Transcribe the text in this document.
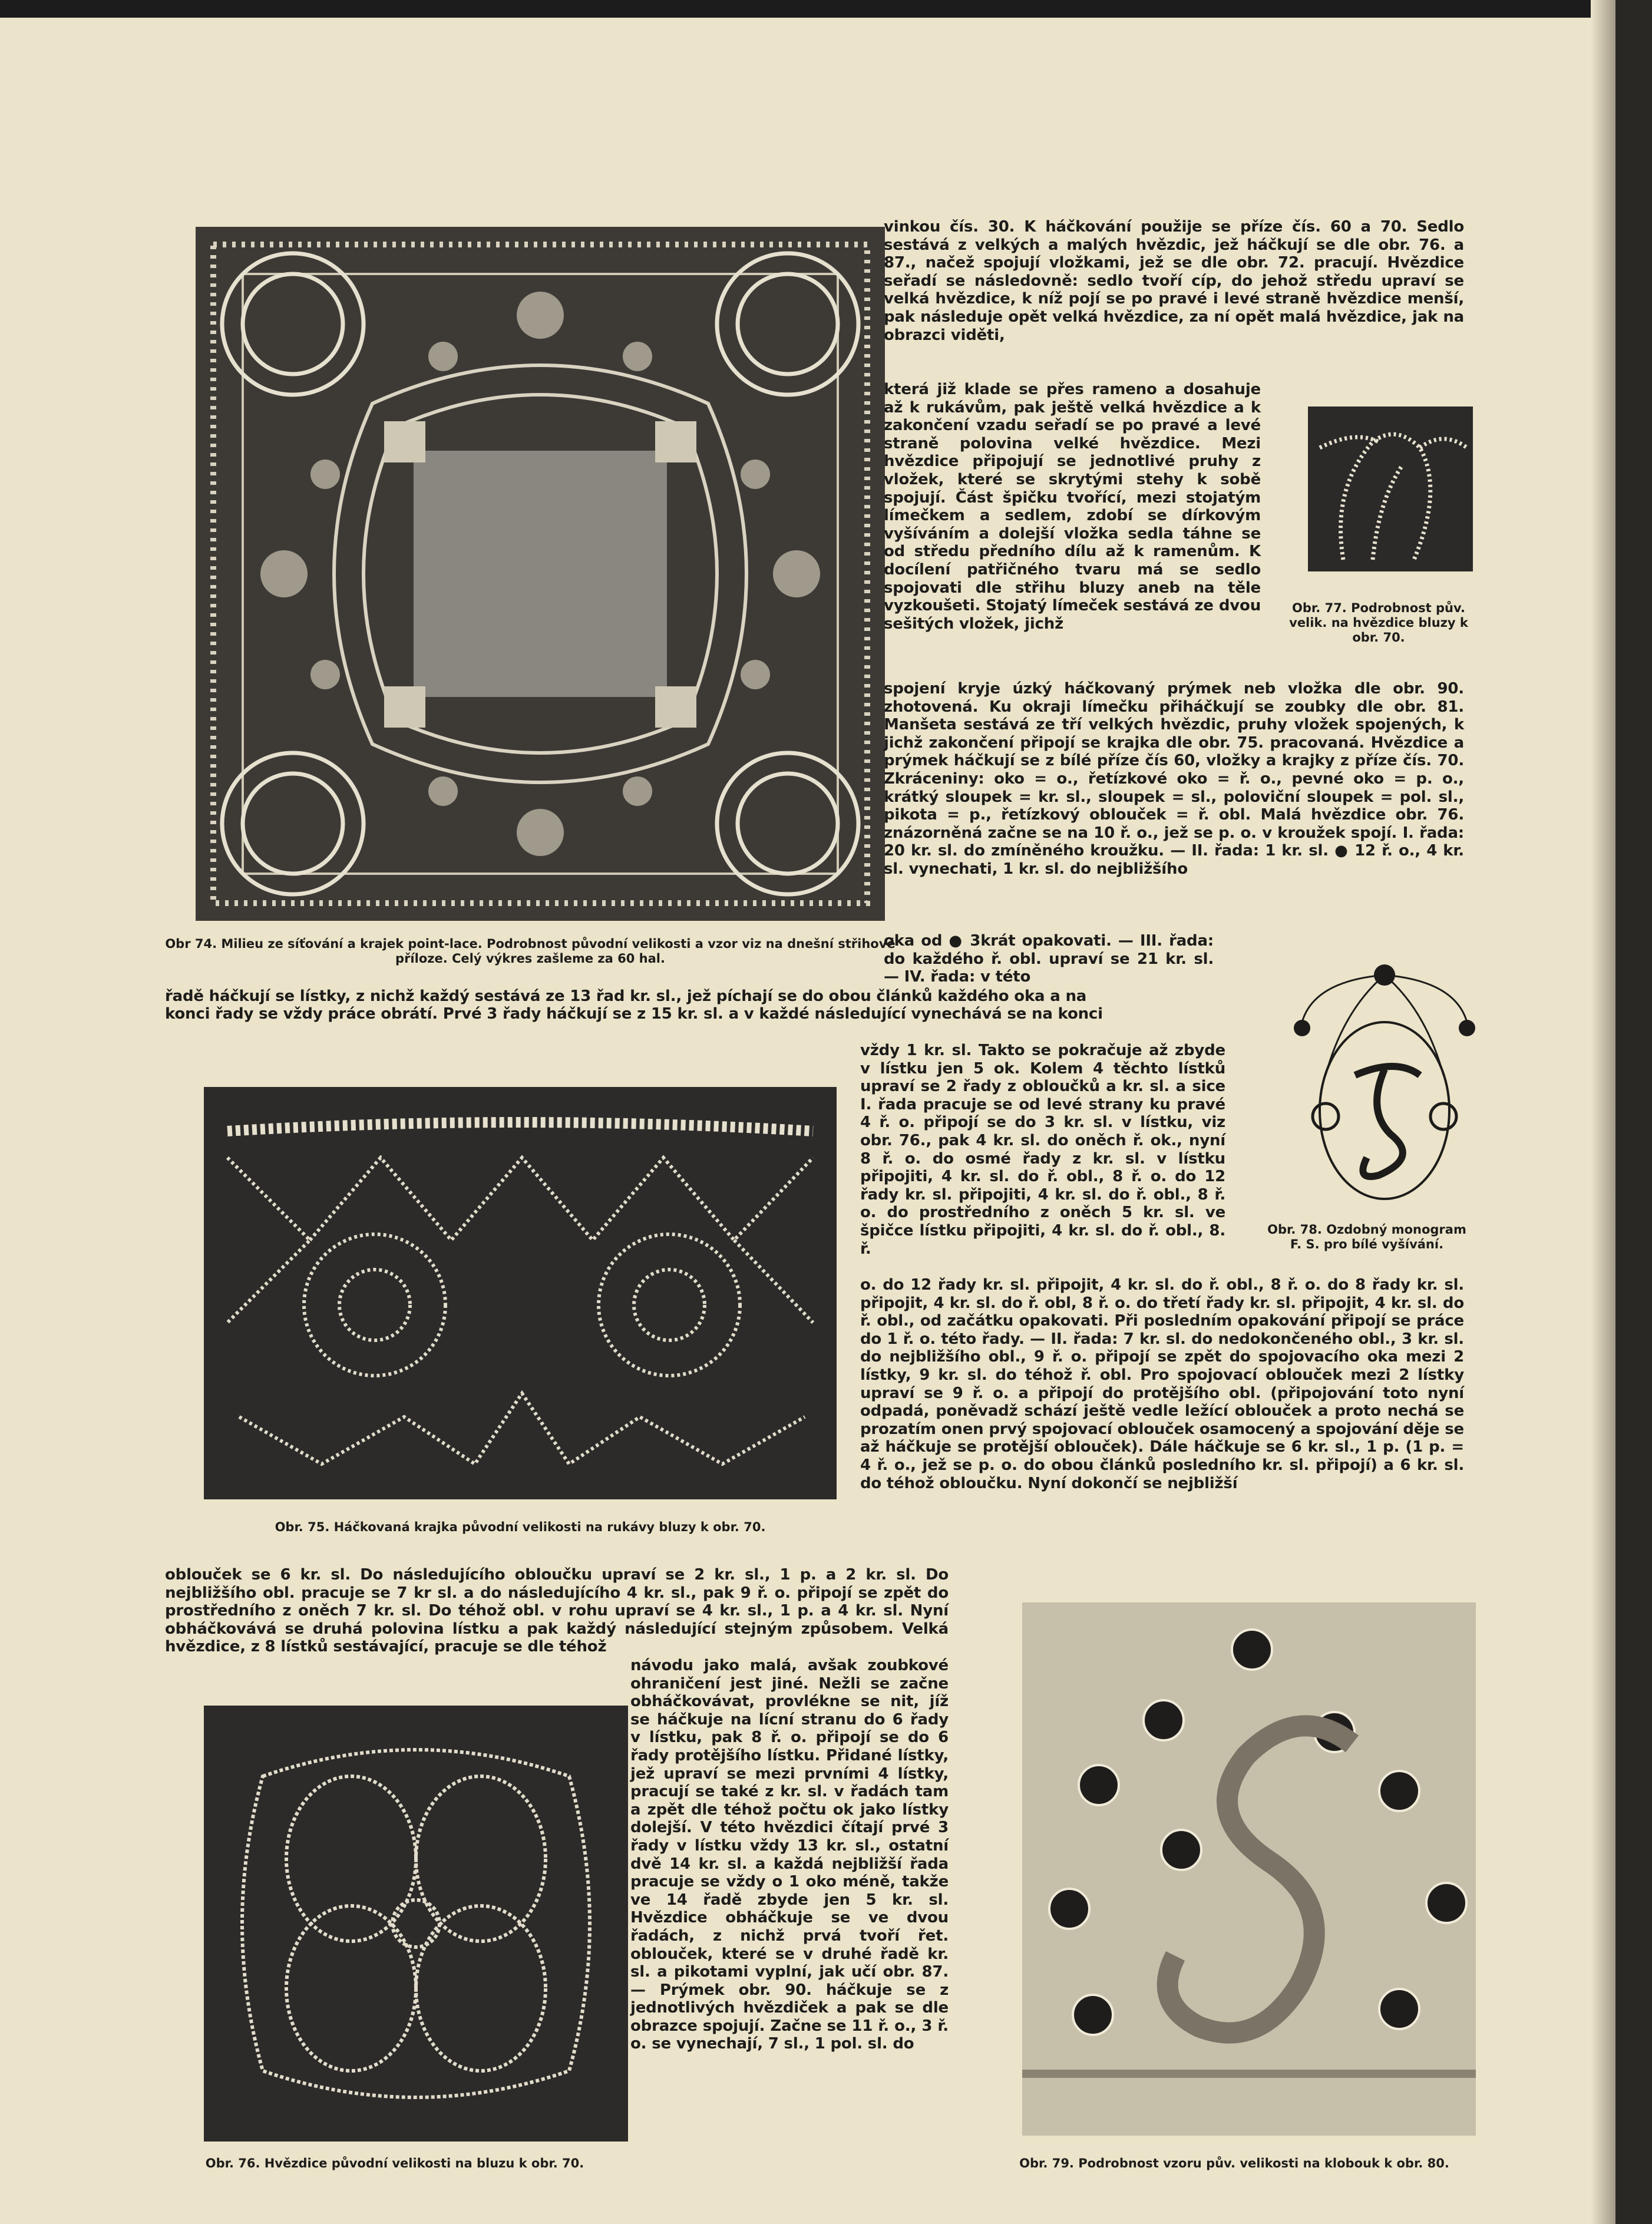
Obr 74. Milieu ze síťování a krajek point-lace. Podrobnost původní velikosti a vzor viz na dnešní střihové příloze. Celý výkres zašleme za 60 hal.
vinkou čís. 30. K háčkování použije se příze čís. 60 a 70. Sedlo sestává z velkých a malých hvězdic, jež háčkují se dle obr. 76. a 87., načež spojují vložkami, jež se dle obr. 72. pracují. Hvězdice seřadí se následovně: sedlo tvoří cíp, do jehož středu upraví se velká hvězdice, k níž pojí se po pravé i levé straně hvězdice menší, pak následuje opět velká hvězdice, za ní opět malá hvězdice, jak na obrazci viděti,
která již klade se přes rameno a dosahuje až k rukávům, pak ještě velká hvězdice a k zakončení vzadu seřadí se po pravé a levé straně polovina velké hvězdice. Mezi hvězdice připojují se jednotlivé pruhy z vložek, které se skrytými stehy k sobě spojují. Část špičku tvořící, mezi stojatým límečkem a sedlem, zdobí se dírkovým vyšíváním a dolejší vložka sedla táhne se od středu předního dílu až k ramenům. K docílení patřičného tvaru má se sedlo spojovati dle střihu bluzy aneb na těle vyzkoušeti. Stojatý límeček sestává ze dvou sešitých vložek, jichž
Obr. 77. Podrobnost pův. velik. na hvězdice bluzy k obr. 70.
spojení kryje úzký háčkovaný prýmek neb vložka dle obr. 90. zhotovená. Ku okraji límečku přiháčkují se zoubky dle obr. 81. Manšeta sestává ze tří velkých hvězdic, pruhy vložek spojených, k jichž zakončení připojí se krajka dle obr. 75. pracovaná. Hvězdice a prýmek háčkují se z bílé příze čís 60, vložky a krajky z příze čís. 70. Zkráceniny: oko = o., řetízkové oko = ř. o., pevné oko = p. o., krátký sloupek = kr. sl., sloupek = sl., poloviční sloupek = pol. sl., pikota = p., řetízkový oblouček = ř. obl. Malá hvězdice obr. 76. znázorněná začne se na 10 ř. o., jež se p. o. v kroužek spojí. I. řada: 20 kr. sl. do zmíněného kroužku. — II. řada: 1 kr. sl. ● 12 ř. o., 4 kr. sl. vynechati, 1 kr. sl. do nejbližšího
oka od ● 3krát opakovati. — III. řada: do každého ř. obl. upraví se 21 kr. sl. — IV. řada: v této
Obr. 78. Ozdobný monogram F. S. pro bílé vyšívání.
řadě háčkují se lístky, z nichž každý sestává ze 13 řad kr. sl., jež píchají se do obou článků každého oka a na
konci řady se vždy práce obrátí. Prvé 3 řady háčkují se z 15 kr. sl. a v každé následující vynechává se na konci
Obr. 75. Háčkovaná krajka původní velikosti na rukávy bluzy k obr. 70.
vždy 1 kr. sl. Takto se pokračuje až zbyde v lístku jen 5 ok. Kolem 4 těchto lístků upraví se 2 řady z obloučků a kr. sl. a sice I. řada pracuje se od levé strany ku pravé 4 ř. o. připojí se do 3 kr. sl. v lístku, viz obr. 76., pak 4 kr. sl. do oněch ř. ok., nyní 8 ř. o. do osmé řady z kr. sl. v lístku připojiti, 4 kr. sl. do ř. obl., 8 ř. o. do 12 řady kr. sl. připojiti, 4 kr. sl. do ř. obl., 8 ř. o. do prostředního z oněch 5 kr. sl. ve špičce lístku připojiti, 4 kr. sl. do ř. obl., 8. ř.
o. do 12 řady kr. sl. připojit, 4 kr. sl. do ř. obl., 8 ř. o. do 8 řady kr. sl. připojit, 4 kr. sl. do ř. obl, 8 ř. o. do třetí řady kr. sl. připojit, 4 kr. sl. do ř. obl., od začátku opakovati. Při posledním opakování připojí se práce do 1 ř. o. této řady. — II. řada: 7 kr. sl. do nedokončeného obl., 3 kr. sl. do nejbližšího obl., 9 ř. o. připojí se zpět do spojovacího oka mezi 2 lístky, 9 kr. sl. do téhož ř. obl. Pro spojovací oblouček mezi 2 lístky upraví se 9 ř. o. a připojí do protějšího obl. (připojování toto nyní odpadá, poněvadž schází ještě vedle ležící oblouček a proto nechá se prozatím onen prvý spojovací oblouček osamocený a spojování děje se až háčkuje se protější oblouček). Dále háčkuje se 6 kr. sl., 1 p. (1 p. = 4 ř. o., jež se p. o. do obou článků posledního kr. sl. připojí) a 6 kr. sl. do téhož obloučku. Nyní dokončí se nejbližší
oblouček se 6 kr. sl. Do následujícího obloučku upraví se 2 kr. sl., 1 p. a 2 kr. sl. Do nejbližšího obl. pracuje se 7 kr sl. a do následujícího 4 kr. sl., pak 9 ř. o. připojí se zpět do prostředního z oněch 7 kr. sl. Do téhož obl. v rohu upraví se 4 kr. sl., 1 p. a 4 kr. sl. Nyní obháčkovává se druhá polovina lístku a pak každý následující stejným způsobem. Velká hvězdice, z 8 lístků sestávající, pracuje se dle téhož
Obr. 76. Hvězdice původní velikosti na bluzu k obr. 70.
návodu jako malá, avšak zoubkové ohraničení jest jiné. Nežli se začne obháčkovávat, provlékne se nit, jíž se háčkuje na lícní stranu do 6 řady v lístku, pak 8 ř. o. připojí se do 6 řady protějšího lístku. Přidané lístky, jež upraví se mezi prvními 4 lístky, pracují se také z kr. sl. v řadách tam a zpět dle téhož počtu ok jako lístky dolejší. V této hvězdici čítají prvé 3 řady v lístku vždy 13 kr. sl., ostatní dvě 14 kr. sl. a každá nejbližší řada pracuje se vždy o 1 oko méně, takže ve 14 řadě zbyde jen 5 kr. sl. Hvězdice obháčkuje se ve dvou řadách, z nichž prvá tvoří řet. oblouček, které se v druhé řadě kr. sl. a pikotami vyplní, jak učí obr. 87. — Prýmek obr. 90. háčkuje se z jednotlivých hvězdiček a pak se dle obrazce spojují. Začne se 11 ř. o., 3 ř. o. se vynechají, 7 sl., 1 pol. sl. do
Obr. 79. Podrobnost vzoru pův. velikosti na klobouk k obr. 80.
